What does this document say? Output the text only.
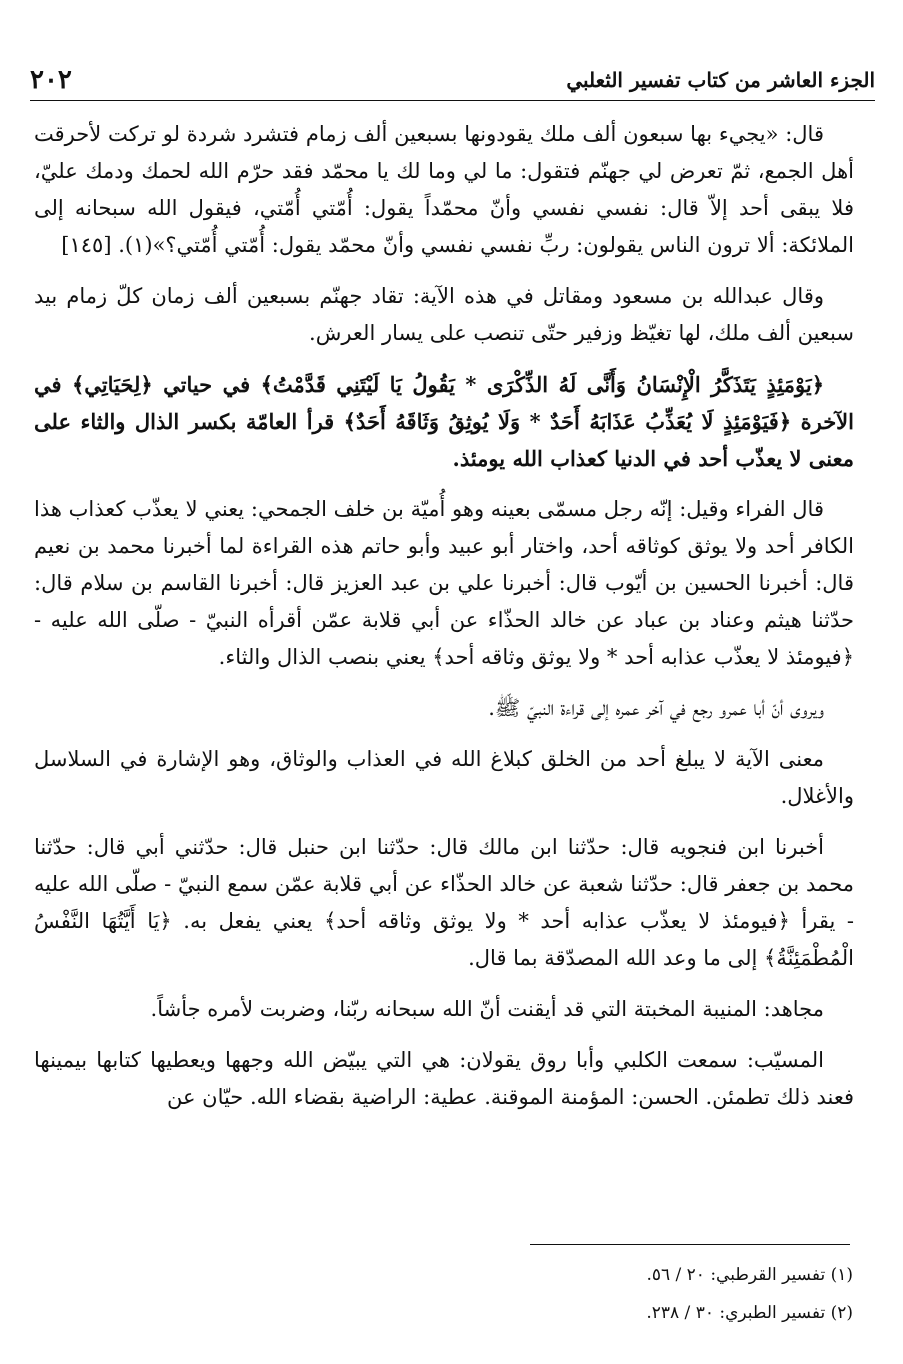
٢٠٢	الجزء العاشر من كتاب تفسير الثعلبي

قال: «يجيء بها سبعون ألف ملك يقودونها بسبعين ألف زمام فتشرد شردة لو تركت لأحرقت أهل الجمع، ثمّ تعرض لي جهنّم فتقول: ما لي وما لك يا محمّد فقد حرّم الله لحمك ودمك عليّ، فلا يبقى أحد إلاّ قال: نفسي نفسي وأنّ محمّداً يقول: أُمّتي أُمّتي، فيقول الله سبحانه إلى الملائكة: ألا ترون الناس يقولون: ربِّ نفسي نفسي وأنّ محمّد يقول: أُمّتي أُمّتي؟»(١). [١٤٥]

وقال عبدالله بن مسعود ومقاتل في هذه الآية: تقاد جهنّم بسبعين ألف زمان كلّ زمام بيد سبعين ألف ملك، لها تغيّظ وزفير حتّى تنصب على يسار العرش.

﴿يَوْمَئِذٍ يَتَذَكَّرُ الْإِنْسَانُ وَأَنَّى لَهُ الذِّكْرَى * يَقُولُ يَا لَيْتَنِي قَدَّمْتُ﴾ في حياتي ﴿لِحَيَاتِي﴾ في الآخرة ﴿فَيَوْمَئِذٍ لَا يُعَذِّبُ عَذَابَهُ أَحَدٌ * وَلَا يُوثِقُ وَثَاقَهُ أَحَدٌ﴾ قرأ العامّة بكسر الذال والثاء على معنى لا يعذّب أحد في الدنيا كعذاب الله يومئذ.

قال الفراء وقيل: إنّه رجل مسمّى بعينه وهو أُميّة بن خلف الجمحي: يعني لا يعذّب كعذاب هذا الكافر أحد ولا يوثق كوثاقه أحد، واختار أبو عبيد وأبو حاتم هذه القراءة لما أخبرنا محمد بن نعيم قال: أخبرنا الحسين بن أيّوب قال: أخبرنا علي بن عبد العزيز قال: أخبرنا القاسم بن سلام قال: حدّثنا هيثم وعناد بن عباد عن خالد الحذّاء عن أبي قلابة عمّن أقرأه النبيّ - صلّى الله عليه - ﴿فيومئذ لا يعذّب عذابه أحد * ولا يوثق وثاقه أحد﴾ يعني بنصب الذال والثاء.

ويروى أنّ أبا عمرو رجع في آخر عمره إلى قراءة النبيّ ﷺ.

معنى الآية لا يبلغ أحد من الخلق كبلاغ الله في العذاب والوثاق، وهو الإشارة في السلاسل والأغلال.

أخبرنا ابن فنجويه قال: حدّثنا ابن مالك قال: حدّثنا ابن حنبل قال: حدّثني أبي قال: حدّثنا محمد بن جعفر قال: حدّثنا شعبة عن خالد الحذّاء عن أبي قلابة عمّن سمع النبيّ - صلّى الله عليه - يقرأ ﴿فيومئذ لا يعذّب عذابه أحد * ولا يوثق وثاقه أحد﴾ يعني يفعل به. ﴿يَا أَيَّتُهَا النَّفْسُ الْمُطْمَئِنَّةُ﴾ إلى ما وعد الله المصدّقة بما قال.

مجاهد: المنيبة المخبتة التي قد أيقنت أنّ الله سبحانه ربّنا، وضربت لأمره جأشاً.

المسيّب: سمعت الكلبي وأبا روق يقولان: هي التي يبيّض الله وجهها ويعطيها كتابها بيمينها فعند ذلك تطمئن. الحسن: المؤمنة الموقنة. عطية: الراضية بقضاء الله. حيّان عن

(١) تفسير القرطبي: ٢٠ / ٥٦.
(٢) تفسير الطبري: ٣٠ / ٢٣٨.
